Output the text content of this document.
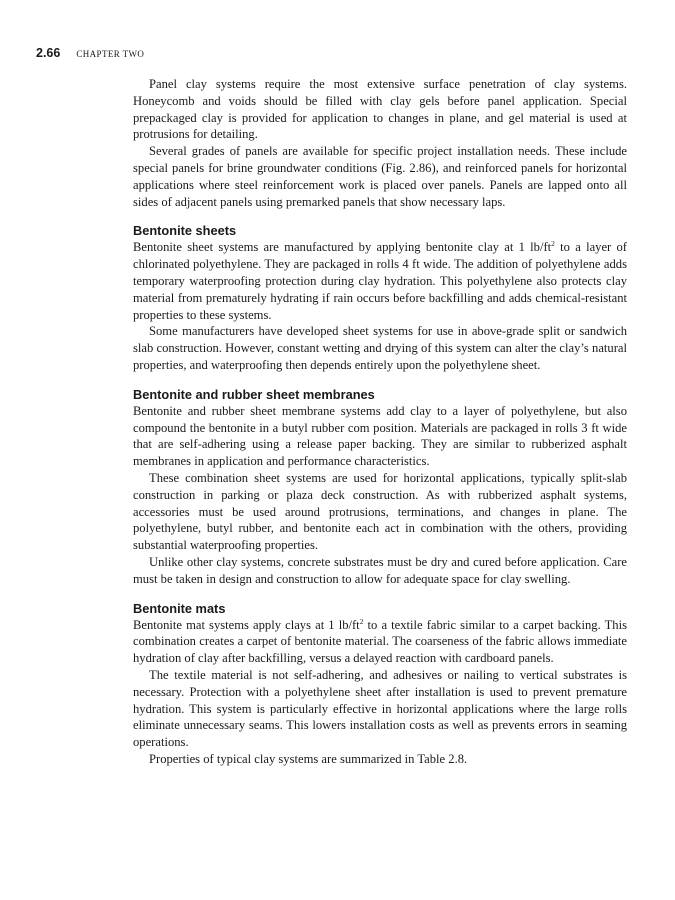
2.66 CHAPTER TWO

Panel clay systems require the most extensive surface penetration of clay systems. Honeycomb and voids should be filled with clay gels before panel application. Special prepackaged clay is provided for application to changes in plane, and gel material is used at protrusions for detailing.

Several grades of panels are available for specific project installation needs. These include special panels for brine groundwater conditions (Fig. 2.86), and reinforced panels for horizontal applications where steel reinforcement work is placed over panels. Panels are lapped onto all sides of adjacent panels using premarked panels that show necessary laps.

Bentonite sheets

Bentonite sheet systems are manufactured by applying bentonite clay at 1 $lb/ft^2$ to a layer of chlorinated polyethylene. They are packaged in rolls 4 ft wide. The addition of polyethylene adds temporary waterproofing protection during clay hydration. This polyethylene also protects clay material from prematurely hydrating if rain occurs before backfilling and adds chemical-resistant properties to these systems.

Some manufacturers have developed sheet systems for use in above-grade split or sandwich slab construction. However, constant wetting and drying of this system can alter the clay’s natural properties, and waterproofing then depends entirely upon the polyethylene sheet.

Bentonite and rubber sheet membranes

Bentonite and rubber sheet membrane systems add clay to a layer of polyethylene, but also compound the bentonite in a butyl rubber com position. Materials are packaged in rolls 3 ft wide that are self-adhering using a release paper backing. They are similar to rubberized asphalt membranes in application and performance characteristics.

These combination sheet systems are used for horizontal applications, typically split-slab construction in parking or plaza deck construction. As with rubberized asphalt systems, accessories must be used around protrusions, terminations, and changes in plane. The polyethylene, butyl rubber, and bentonite each act in combination with the others, providing substantial waterproofing properties.

Unlike other clay systems, concrete substrates must be dry and cured before application. Care must be taken in design and construction to allow for adequate space for clay swelling.

Bentonite mats

Bentonite mat systems apply clays at 1 $lb/ft^2$ to a textile fabric similar to a carpet backing. This combination creates a carpet of bentonite material. The coarseness of the fabric allows immediate hydration of clay after backfilling, versus a delayed reaction with cardboard panels.

The textile material is not self-adhering, and adhesives or nailing to vertical substrates is necessary. Protection with a polyethylene sheet after installation is used to prevent premature hydration. This system is particularly effective in horizontal applications where the large rolls eliminate unnecessary seams. This lowers installation costs as well as prevents errors in seaming operations.

Properties of typical clay systems are summarized in Table 2.8.
